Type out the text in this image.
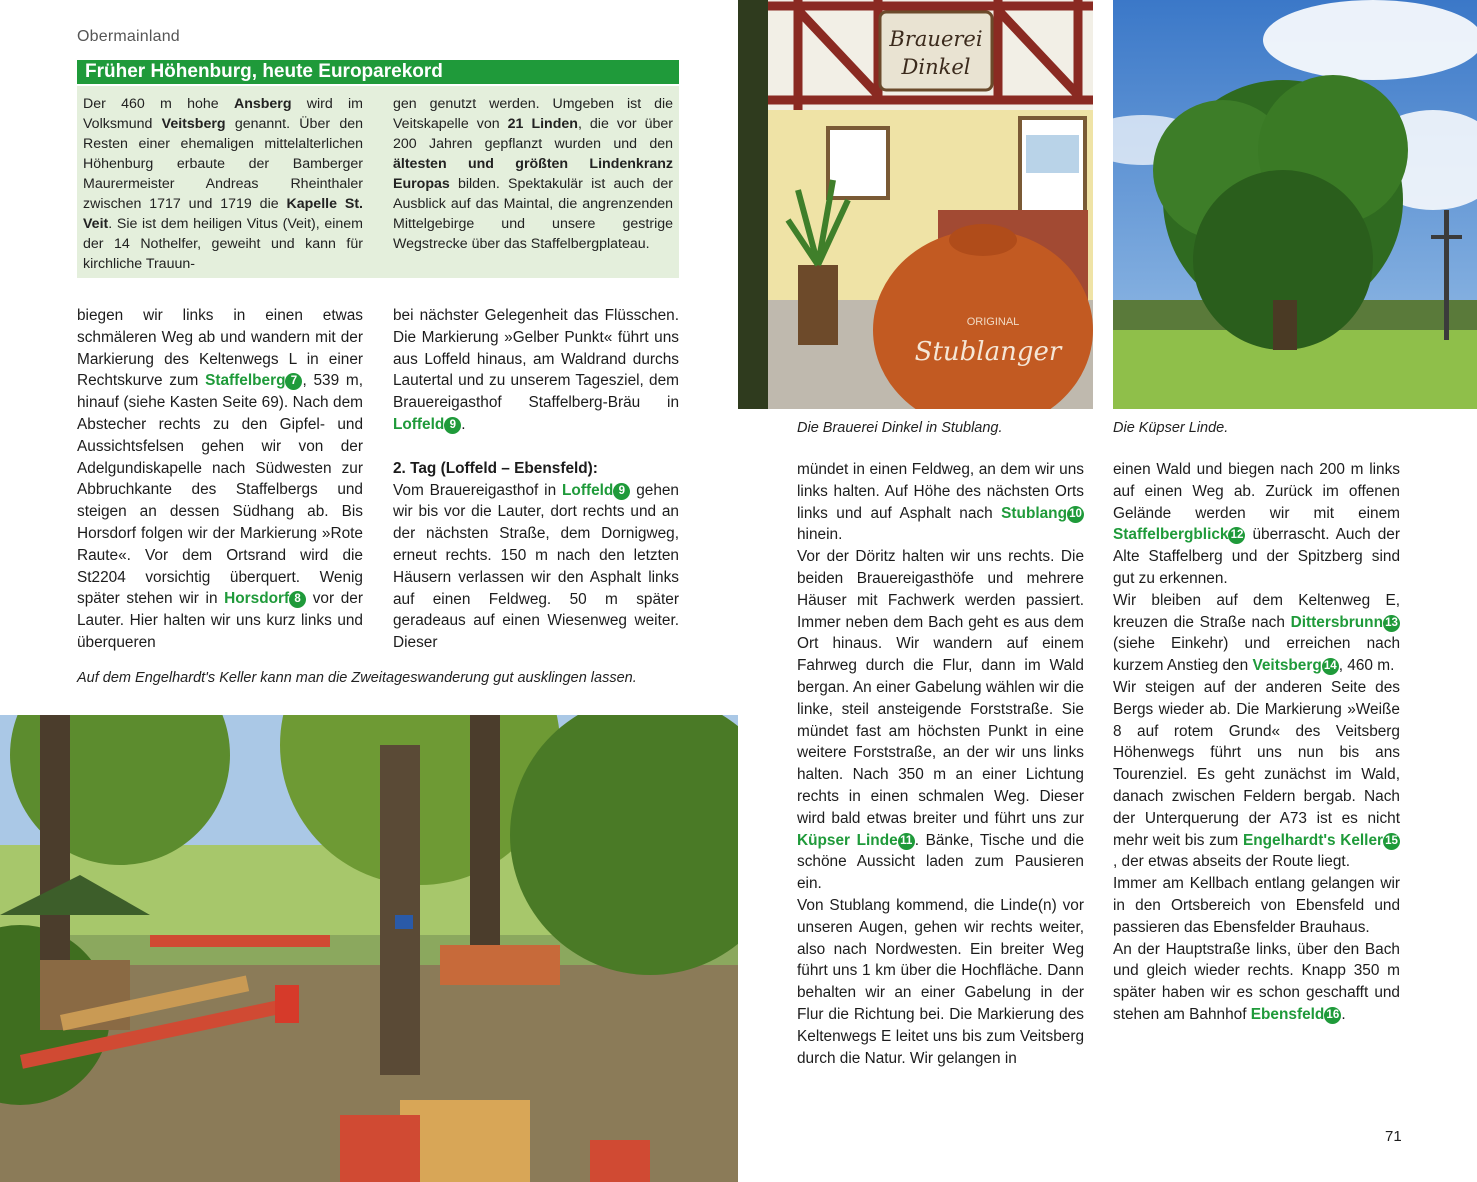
Obermainland
Früher Höhenburg, heute Europarekord

Der 460 m hohe Ansberg wird im Volksmund Veitsberg genannt. Über den Resten einer ehemaligen mittelalterlichen Höhenburg erbaute der Bamberger Maurermeister Andreas Rheinthaler zwischen 1717 und 1719 die Kapelle St. Veit. Sie ist dem heiligen Vitus (Veit), einem der 14 Nothelfer, geweiht und kann für kirchliche Trauun-

gen genutzt werden. Umgeben ist die Veitskapelle von 21 Linden, die vor über 200 Jahren gepflanzt wurden und den ältesten und größten Lindenkranz Europas bilden. Spektakulär ist auch der Ausblick auf das Maintal, die angrenzenden Mittelgebirge und unsere gestrige Wegstrecke über das Staffelbergplateau.

biegen wir links in einen etwas schmäleren Weg ab und wandern mit der Markierung des Keltenwegs L in einer Rechtskurve zum Staffelberg 7 , 539 m, hinauf (siehe Kasten Seite 69). Nach dem Abstecher rechts zu den Gipfel- und Aussichtsfelsen gehen wir von der Adelgundiskapelle nach Südwesten zur Abbruchkante des Staffelbergs und steigen an dessen Südhang ab. Bis Horsdorf folgen wir der Markierung »Rote Raute«. Vor dem Ortsrand wird die St2204 vorsichtig überquert. Wenig später stehen wir in Horsdorf 8 vor der Lauter. Hier halten wir uns kurz links und überqueren

bei nächster Gelegenheit das Flüsschen. Die Markierung »Gelber Punkt« führt uns aus Loffeld hinaus, am Waldrand durchs Lautertal und zu unserem Tagesziel, dem Brauereigasthof Staffelberg-Bräu in Loffeld 9 .

2. Tag (Loffeld – Ebensfeld):

Vom Brauereigasthof in Loffeld 9 gehen wir bis vor die Lauter, dort rechts und an der nächsten Straße, dem Dornigweg, erneut rechts. 150 m nach den letzten Häusern verlassen wir den Asphalt links auf einen Feldweg. 50 m später geradeaus auf einen Wiesenweg weiter. Dieser

mündet in einen Feldweg, an dem wir uns links halten. Auf Höhe des nächsten Orts links und auf Asphalt nach Stublang 10 hinein.

Vor der Döritz halten wir uns rechts. Die beiden Brauereigasthöfe und mehrere Häuser mit Fachwerk werden passiert. Immer neben dem Bach geht es aus dem Ort hinaus. Wir wandern auf einem Fahrweg durch die Flur, dann im Wald bergan. An einer Gabelung wählen wir die linke, steil ansteigende Forststraße. Sie mündet fast am höchsten Punkt in eine weitere Forststraße, an der wir uns links halten. Nach 350 m an einer Lichtung rechts in einen schmalen Weg. Dieser wird bald etwas breiter und führt uns zur Küpser Linde 11 . Bänke, Tische und die schöne Aussicht laden zum Pausieren ein.

Von Stublang kommend, die Linde(n) vor unseren Augen, gehen wir rechts weiter, also nach Nordwesten. Ein breiter Weg führt uns 1 km über die Hochfläche. Dann behalten wir an einer Gabelung in der Flur die Richtung bei. Die Markierung des Keltenwegs E leitet uns bis zum Veitsberg durch die Natur. Wir gelangen in

einen Wald und biegen nach 200 m links auf einen Weg ab. Zurück im offenen Gelände werden wir mit einem Staffelbergblick 12 überrascht. Auch der Alte Staffelberg und der Spitzberg sind gut zu erkennen.

Wir bleiben auf dem Keltenweg E, kreuzen die Straße nach Dittersbrunn 13 (siehe Einkehr) und erreichen nach kurzem Anstieg den Veitsberg 14 , 460 m.

Wir steigen auf der anderen Seite des Bergs wieder ab. Die Markierung »Weiße 8 auf rotem Grund« des Veitsberg Höhenwegs führt uns nun bis ans Tourenziel. Es geht zunächst im Wald, danach zwischen Feldern bergab. Nach der Unterquerung der A73 ist es nicht mehr weit bis zum Engelhardt's Keller 15, der etwas abseits der Route liegt.

Immer am Kellbach entlang gelangen wir in den Ortsbereich von Ebensfeld und passieren das Ebensfelder Brauhaus.

An der Hauptstraße links, über den Bach und gleich wieder rechts. Knapp 350 m später haben wir es schon geschafft und stehen am Bahnhof Ebensfeld 16 .

Brauerei
Dinkel
ORIGINAL
Stublanger
Die Brauerei Dinkel in Stublang.	Die Küpser Linde.
Auf dem Engelhardt's Keller kann man die Zweitageswanderung gut ausklingen lassen.
71
